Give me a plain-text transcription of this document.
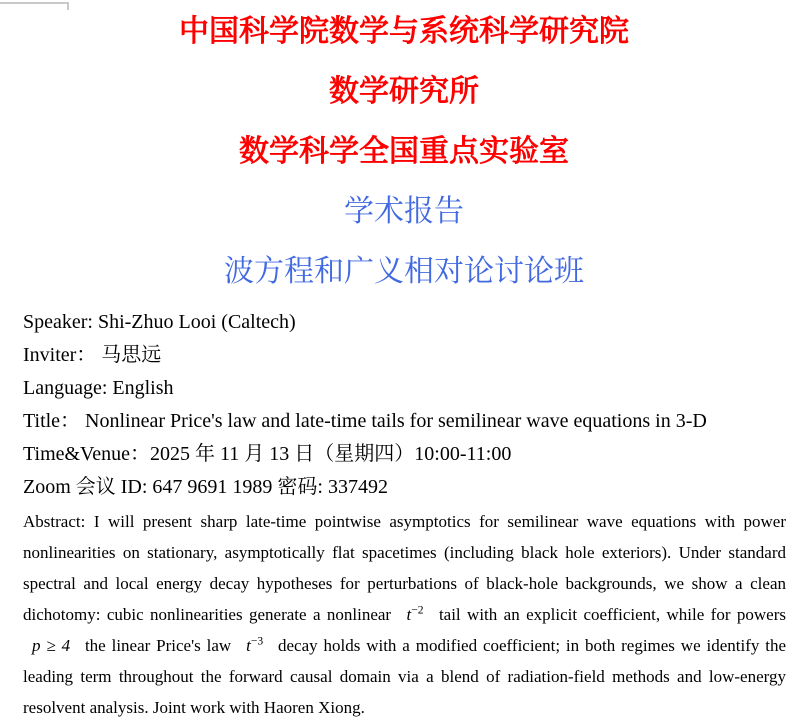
中国科学院数学与系统科学研究院
数学研究所
数学科学全国重点实验室
学术报告
波方程和广义相对论讨论班
Speaker: Shi-Zhuo Looi (Caltech)
Inviter： 马思远
Language: English
Title： Nonlinear Price's law and late-time tails for semilinear wave equations in 3-D
Time&Venue：2025 年 11 月 13 日（星期四）10:00-11:00
Zoom 会议 ID: 647 9691 1989 密码: 337492
Abstract: I will present sharp late-time pointwise asymptotics for semilinear wave equations with power
nonlinearities on stationary, asymptotically flat spacetimes (including black hole exteriors). Under standard
spectral and local energy decay hypotheses for perturbations of black-hole backgrounds, we show a clean
dichotomy: cubic nonlinearities generate a nonlinear $t^{-2}$ tail with an explicit coefficient, while for powers
p ≥ 4 the linear Price's law $t^{-3}$ decay holds with a modified coefficient; in both regimes we identify the
leading term throughout the forward causal domain via a blend of radiation-field methods and low-energy
resolvent analysis. Joint work with Haoren Xiong.
